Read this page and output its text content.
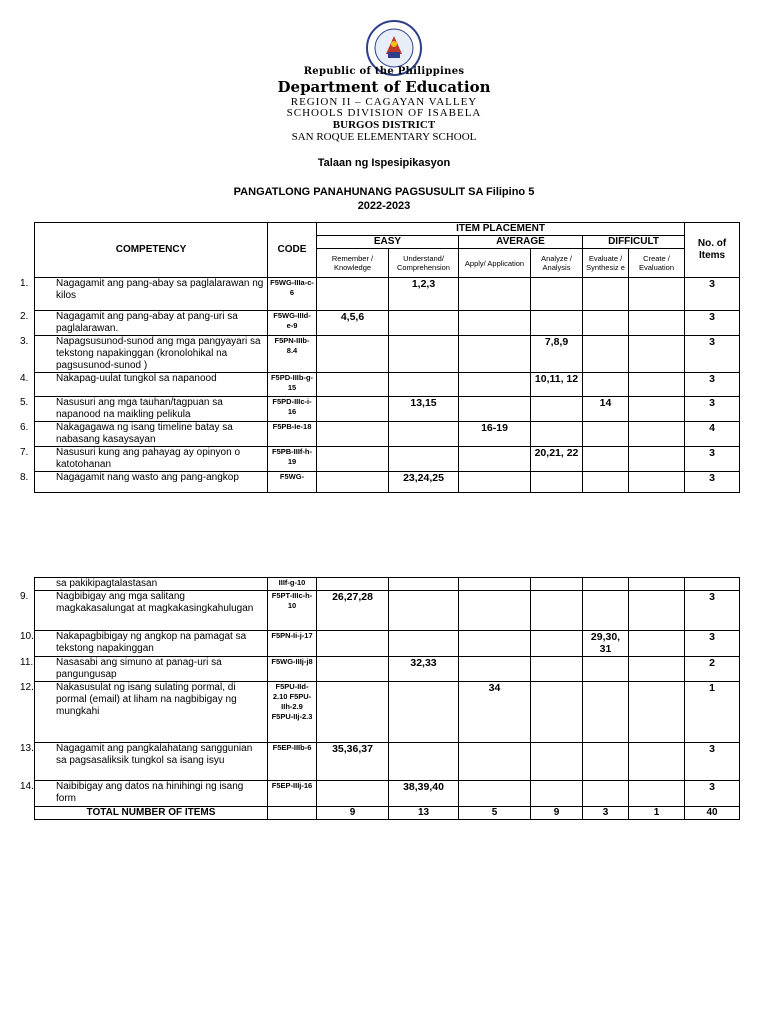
Republic of the Philippines
Department of Education
REGION II – CAGAYAN VALLEY
SCHOOLS DIVISION OF ISABELA
BURGOS DISTRICT
SAN ROQUE ELEMENTARY SCHOOL
Talaan ng Ispesipikasyon
PANGATLONG PANAHUNANG PAGSUSULIT SA Filipino 5
2022-2023
COMPETENCY	CODE	ITEM PLACEMENT						No. of Items
		EASY		AVERAGE		DIFFICULT		
		Remember / Knowledge	Understand/ Comprehension	Apply/ Application	Analyze / Analysis	Evaluate / Synthesiz e	Create / Evaluation	
1. Nagagamit ang pang-abay sa paglalarawan ng kilos	F5WG-IIIa-c-6		1,2,3					3
2. Nagagamit ang pang-abay at pang-uri sa paglalarawan.	F5WG-IIId-e-9	4,5,6						3
3. Napagsusunod-sunod ang mga pangyayari sa tekstong napakinggan (kronolohikal na pagsusunod-sunod )	F5PN-IIIb-8.4				7,8,9			3
4. Nakapag-uulat tungkol sa napanood	F5PD-IIIb-g-15				10,11, 12			3
5. Nasusuri ang mga tauhan/tagpuan sa napanood na maikling pelikula	F5PD-IIIc-i-16		13,15			14		3
6. Nakagagawa ng isang timeline batay sa nabasang kasaysayan	F5PB-Ie-18			16-19				4
7. Nasusuri kung ang pahayag ay opinyon o katotohanan	F5PB-IIIf-h-19				20,21, 22			3
8. Nagagamit nang wasto ang pang-angkop	F5WG-		23,24,25					3
sa pakikipagtalastasan	IIIf-g-10							
9. Nagbibigay ang mga salitang magkakasalungat at magkakasingkahulugan	F5PT-IIIc-h-10	26,27,28						3
10. Nakapagbibigay ng angkop na pamagat sa tekstong napakinggan	F5PN-Ii-j-17					29,30, 31		3
11. Nasasabi ang simuno at panag-uri sa pangungusap	F5WG-IIIj-j8		32,33					2
12. Nakasusulat ng isang sulating pormal, di pormal (email) at liham na nagbibigay ng mungkahi	F5PU-IId-2.10 F5PU-IIh-2.9 F5PU-IIj-2.3			34				1
13. Nagagamit ang pangkalahatang sanggunian sa pagsasaliksik tungkol sa isang isyu	F5EP-IIIb-6	35,36,37						3
14. Naibibigay ang datos na hinihingi ng isang form	F5EP-IIIj-16		38,39,40					3
TOTAL NUMBER OF ITEMS		9	13	5	9	3	1	40
